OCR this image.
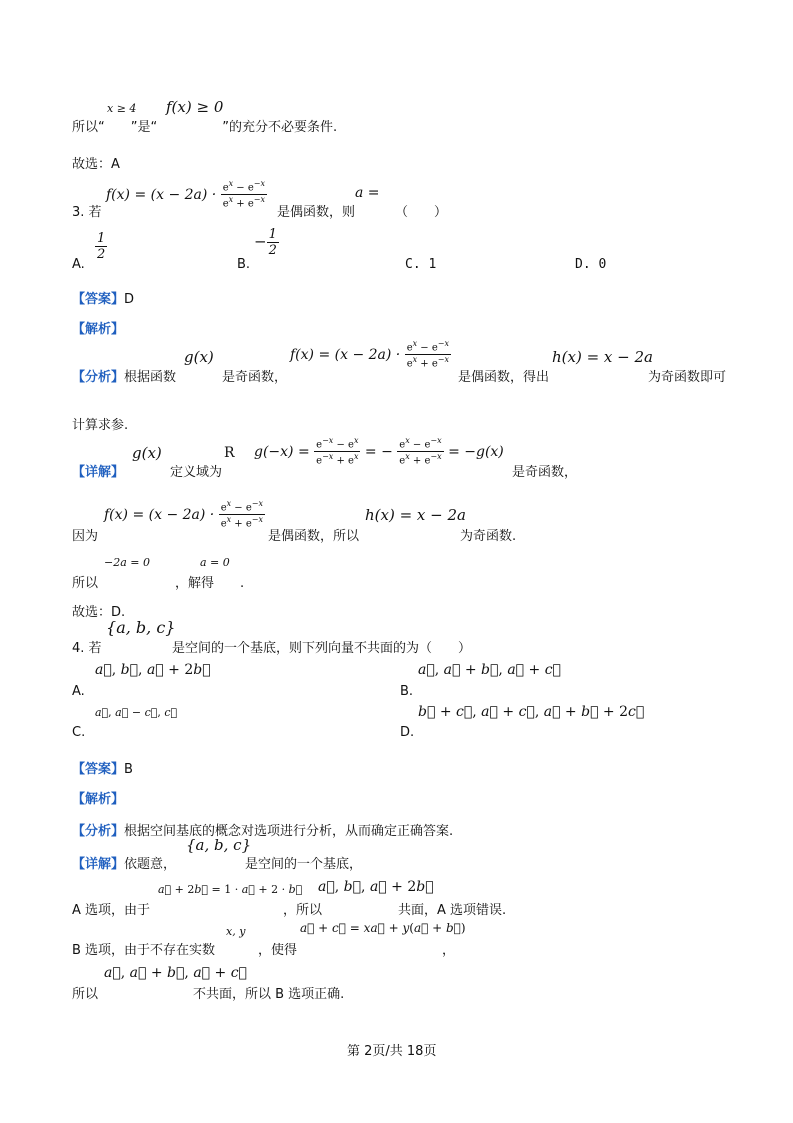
x ≥ 4 f(x) ≥ 0
所以“　　”是“　　　　　”的充分不必要条件.
故选：A
3. 若
$f(x) = (x - 2a) \cdot \frac{e^x - e^{-x}}{e^x + e^{-x}}$
是偶函数，则
a =
（　　）
A.
$\frac{1}{2}$
B.
− $\frac{1}{2}$
C. 1	D. 0
【答案】D
【解析】
【分析】根据函数
g(x)
是奇函数，
$f(x) = (x - 2a) \cdot \frac{e^x - e^{-x}}{e^x + e^{-x}}$
是偶函数，得出
h(x) = x − 2a
为奇函数即可
计算求参.
g(x)	R
【详解】	定义域为
$g(-x) = \frac{e^{-x} - e^x}{e^{-x} + e^x}$ = − $\frac{e^x - e^{-x}}{e^x + e^{-x}} = -g(x)$
是奇函数，
因为
$f(x) = (x - 2a) \cdot \frac{e^x - e^{-x}}{e^x + e^{-x}}$
是偶函数，所以
h(x) = x − 2a
为奇函数.
−2a = 0	a = 0
所以	，解得 .
故选：D.
{a, b, c}
4. 若	是空间的一个基底，则下列向量不共面的为（　　）
a⃗, b⃗, a⃗ + 2b⃗
A.
a⃗, a⃗ + b⃗, a⃗ + c⃗
B.
a⃗, a⃗ − c⃗, c⃗
C.
b⃗ + c⃗, a⃗ + c⃗, a⃗ + b⃗ + 2c⃗
D.
【答案】B
【解析】
【分析】根据空间基底的概念对选项进行分析，从而确定正确答案.
{a, b, c}
【详解】依题意，	是空间的一个基底，
a⃗ + 2b⃗ = 1 · a⃗ + 2 · b⃗ a⃗, b⃗, a⃗ + 2b⃗
A 选项，由于	，所以	共面，A 选项错误.
x, y	a⃗ + c⃗ = xa⃗ + y(a⃗ + b⃗)
B 选项，由于不存在实数	，使得	，
a⃗, a⃗ + b⃗, a⃗ + c⃗
所以	不共面，所以 B 选项正确.
第 2页/共 18页
